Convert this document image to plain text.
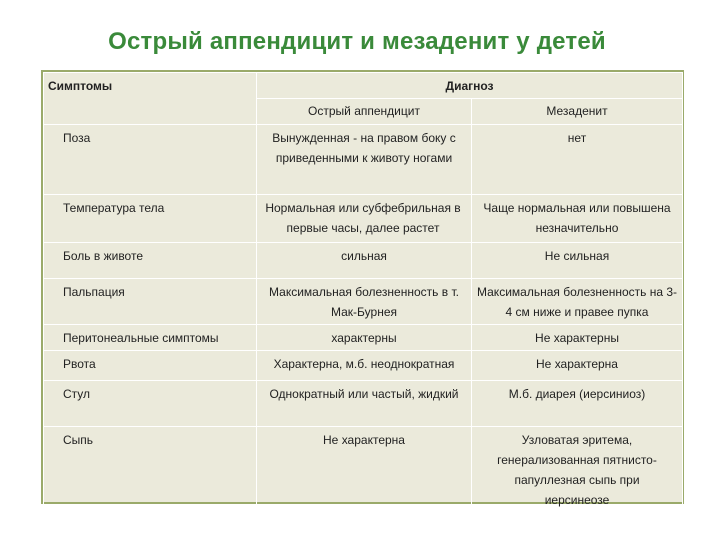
Острый аппендицит и мезаденит у детей
Симптомы	Диагноз	
	Острый аппендицит	Мезаденит
Поза	Вынужденная - на правом боку с приведенными к животу ногами	нет
Температура тела	Нормальная или субфебрильная в первые часы, далее растет	Чаще нормальная или повышена незначительно
Боль в животе	сильная	Не сильная
Пальпация	Максимальная болезненность в т. Мак-Бурнея	Максимальная болезненность на 3-4 см ниже и правее пупка
Перитонеальные симптомы	характерны	Не характерны
Рвота	Характерна, м.б. неоднократная	Не характерна
Стул	Однократный или частый, жидкий	М.б. диарея (иерсиниоз)
Сыпь	Не характерна	Узловатая эритема, генерализованная пятнисто-папуллезная сыпь при иерсинеозе
